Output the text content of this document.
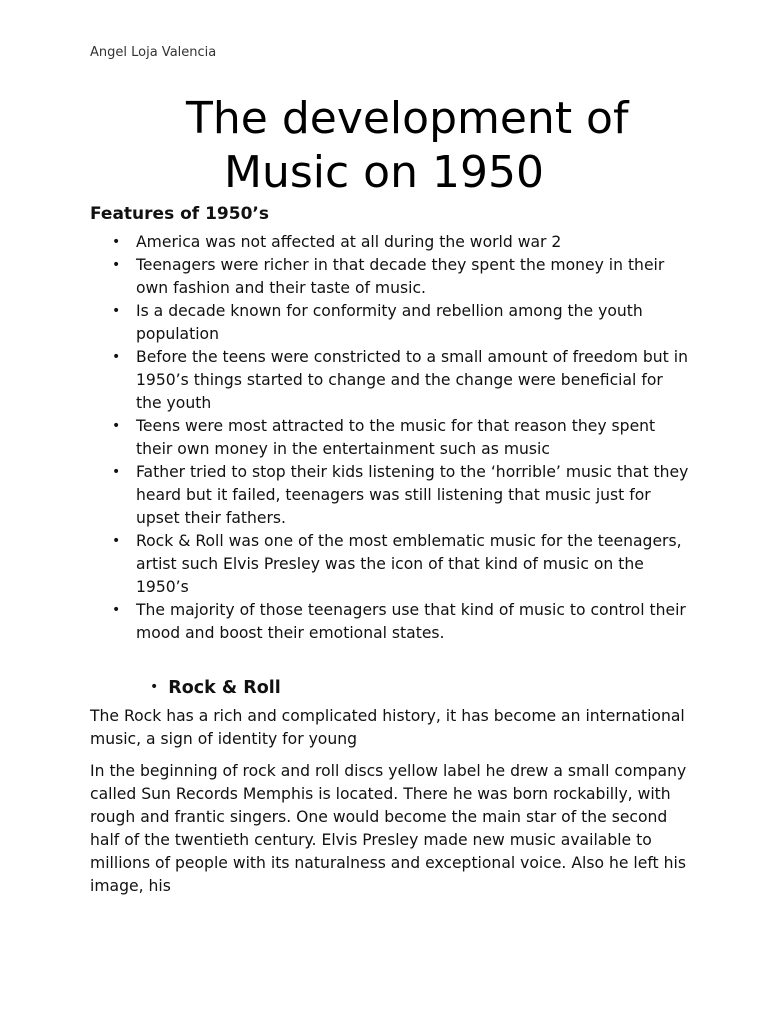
Angel Loja Valencia
The development of
Music on 1950
Features of 1950’s
• America was not affected at all during the world war 2
• Teenagers were richer in that decade they spent the money in their own fashion and their taste of music.
• Is a decade known for conformity and rebellion among the youth population
• Before the teens were constricted to a small amount of freedom but in 1950’s things started to change and the change were beneficial for the youth
• Teens were most attracted to the music for that reason they spent their own money in the entertainment such as music
• Father tried to stop their kids listening to the ‘horrible’ music that they heard but it failed, teenagers was still listening that music just for upset their fathers.
• Rock & Roll was one of the most emblematic music for the teenagers, artist such Elvis Presley was the icon of that kind of music on the 1950’s
• The majority of those teenagers use that kind of music to control their mood and boost their emotional states.
• Rock & Roll

The Rock has a rich and complicated history, it has become an international music, a sign of identity for young

In the beginning of rock and roll discs yellow label he drew a small company called Sun Records Memphis is located. There he was born rockabilly, with rough and frantic singers. One would become the main star of the second half of the twentieth century. Elvis Presley made new music available to millions of people with its naturalness and exceptional voice. Also he left his image, his
